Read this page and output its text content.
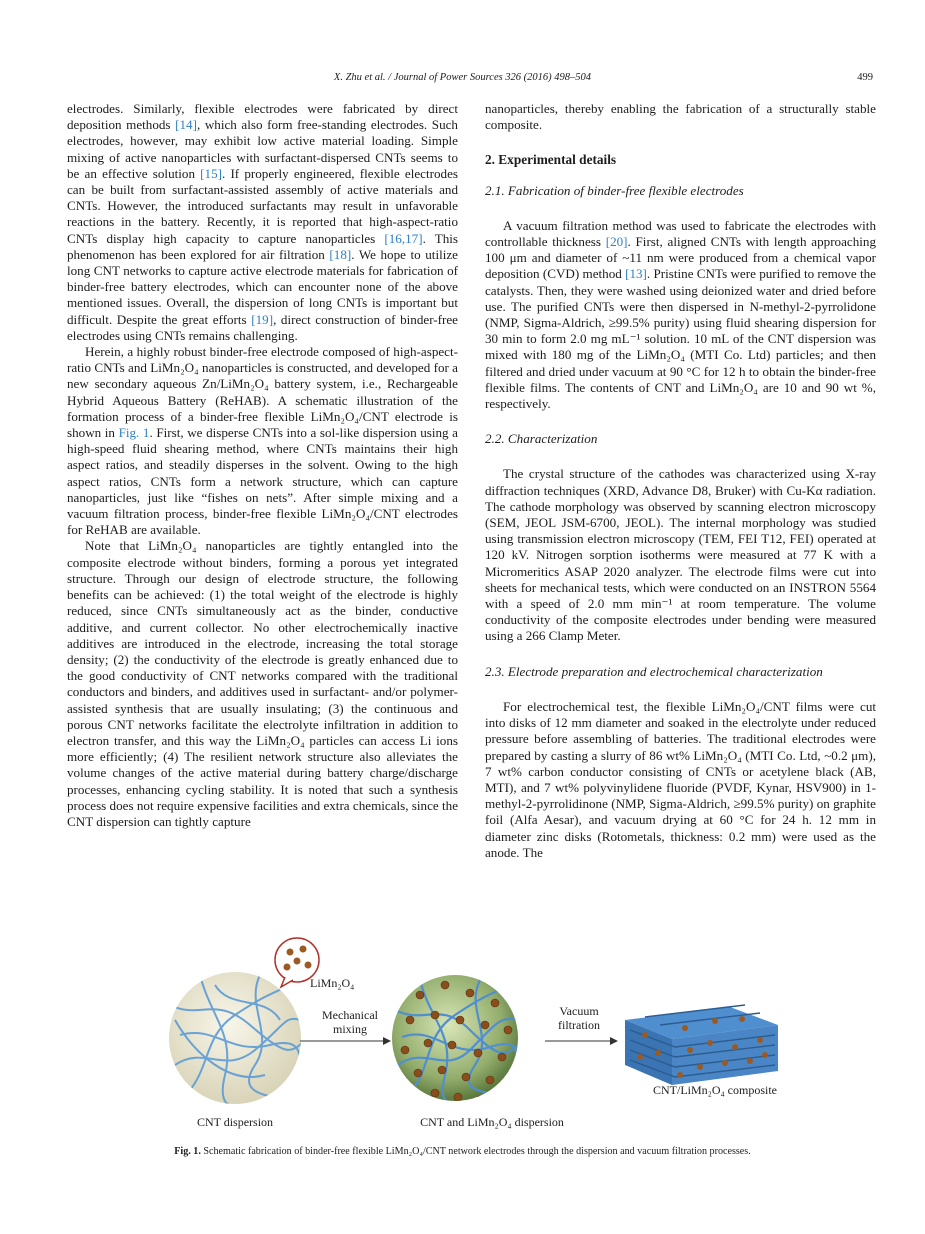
X. Zhu et al. / Journal of Power Sources 326 (2016) 498–504	499

electrodes. Similarly, flexible electrodes were fabricated by direct deposition methods [14], which also form free-standing electrodes. Such electrodes, however, may exhibit low active material loading. Simple mixing of active nanoparticles with surfactant-dispersed CNTs seems to be an effective solution [15]. If properly engineered, flexible electrodes can be built from surfactant-assisted assembly of active materials and CNTs. However, the introduced surfactants may result in unfavorable reactions in the battery. Recently, it is reported that high-aspect-ratio CNTs display high capacity to capture nanoparticles [16,17]. This phenomenon has been explored for air filtration [18]. We hope to utilize long CNT networks to capture active electrode materials for fabrication of binder-free battery electrodes, which can encounter none of the above mentioned issues. Overall, the dispersion of long CNTs is important but difficult. Despite the great efforts [19], direct construction of binder-free electrodes using CNTs remains challenging.

Herein, a highly robust binder-free electrode composed of high-aspect-ratio CNTs and LiMn₂O₄ nanoparticles is constructed, and developed for a new secondary aqueous Zn/LiMn₂O₄ battery system, i.e., Rechargeable Hybrid Aqueous Battery (ReHAB). A schematic illustration of the formation process of a binder-free flexible LiMn₂O₄/CNT electrode is shown in Fig. 1. First, we disperse CNTs into a sol-like dispersion using a high-speed fluid shearing method, where CNTs maintains their high aspect ratios, and steadily disperses in the solvent. Owing to the high aspect ratios, CNTs form a network structure, which can capture nanoparticles, just like “fishes on nets”. After simple mixing and a vacuum filtration process, binder-free flexible LiMn₂O₄/CNT electrodes for ReHAB are available.

Note that LiMn₂O₄ nanoparticles are tightly entangled into the composite electrode without binders, forming a porous yet integrated structure. Through our design of electrode structure, the following benefits can be achieved: (1) the total weight of the electrode is highly reduced, since CNTs simultaneously act as the binder, conductive additive, and current collector. No other electrochemically inactive additives are introduced in the electrode, increasing the total storage density; (2) the conductivity of the electrode is greatly enhanced due to the good conductivity of CNT networks compared with the traditional conductors and binders, and additives used in surfactant- and/or polymer-assisted synthesis that are usually insulating; (3) the continuous and porous CNT networks facilitate the electrolyte infiltration in addition to electron transfer, and this way the LiMn₂O₄ particles can access Li ions more efficiently; (4) The resilient network structure also alleviates the volume changes of the active material during battery charge/discharge processes, enhancing cycling stability. It is noted that such a synthesis process does not require expensive facilities and extra chemicals, since the CNT dispersion can tightly capture

nanoparticles, thereby enabling the fabrication of a structurally stable composite.

2. Experimental details
2.1. Fabrication of binder-free flexible electrodes

A vacuum filtration method was used to fabricate the electrodes with controllable thickness [20]. First, aligned CNTs with length approaching 100 μm and diameter of ~11 nm were produced from a chemical vapor deposition (CVD) method [13]. Pristine CNTs were purified to remove the catalysts. Then, they were washed using deionized water and dried before use. The purified CNTs were then dispersed in N-methyl-2-pyrrolidone (NMP, Sigma-Aldrich, ≥99.5% purity) using fluid shearing dispersion for 30 min to form 2.0 mg mL⁻¹ solution. 10 mL of the CNT dispersion was mixed with 180 mg of the LiMn₂O₄ (MTI Co. Ltd) particles; and then filtered and dried under vacuum at 90 °C for 12 h to obtain the binder-free flexible films. The contents of CNT and LiMn₂O₄ are 10 and 90 wt %, respectively.

2.2. Characterization

The crystal structure of the cathodes was characterized using X-ray diffraction techniques (XRD, Advance D8, Bruker) with Cu-Kα radiation. The cathode morphology was observed by scanning electron microscopy (SEM, JEOL JSM-6700, JEOL). The internal morphology was studied using transmission electron microscopy (TEM, FEI T12, FEI) operated at 120 kV. Nitrogen sorption isotherms were measured at 77 K with a Micromeritics ASAP 2020 analyzer. The electrode films were cut into sheets for mechanical tests, which were conducted on an INSTRON 5564 with a speed of 2.0 mm min⁻¹ at room temperature. The volume conductivity of the composite electrodes under bending were measured using a 266 Clamp Meter.

2.3. Electrode preparation and electrochemical characterization

For electrochemical test, the flexible LiMn₂O₄/CNT films were cut into disks of 12 mm diameter and soaked in the electrolyte under reduced pressure before assembling of batteries. The traditional electrodes were prepared by casting a slurry of 86 wt% LiMn₂O₄ (MTI Co. Ltd, ~0.2 μm), 7 wt% carbon conductor consisting of CNTs or acetylene black (AB, MTI), and 7 wt% polyvinylidene fluoride (PVDF, Kynar, HSV900) in 1-methyl-2-pyrrolidinone (NMP, Sigma-Aldrich, ≥99.5% purity) on graphite foil (Alfa Aesar), and vacuum drying at 60 °C for 24 h. 12 mm in diameter zinc disks (Rotometals, thickness: 0.2 mm) were used as the anode. The

LiMn₂O₄
Mechanical
mixing
Vacuum
filtration
CNT dispersion	CNT and LiMn₂O₄ dispersion
CNT/LiMn₂O₄ composite
Fig. 1. Schematic fabrication of binder-free flexible LiMn₂O₄/CNT network electrodes through the dispersion and vacuum filtration processes.
